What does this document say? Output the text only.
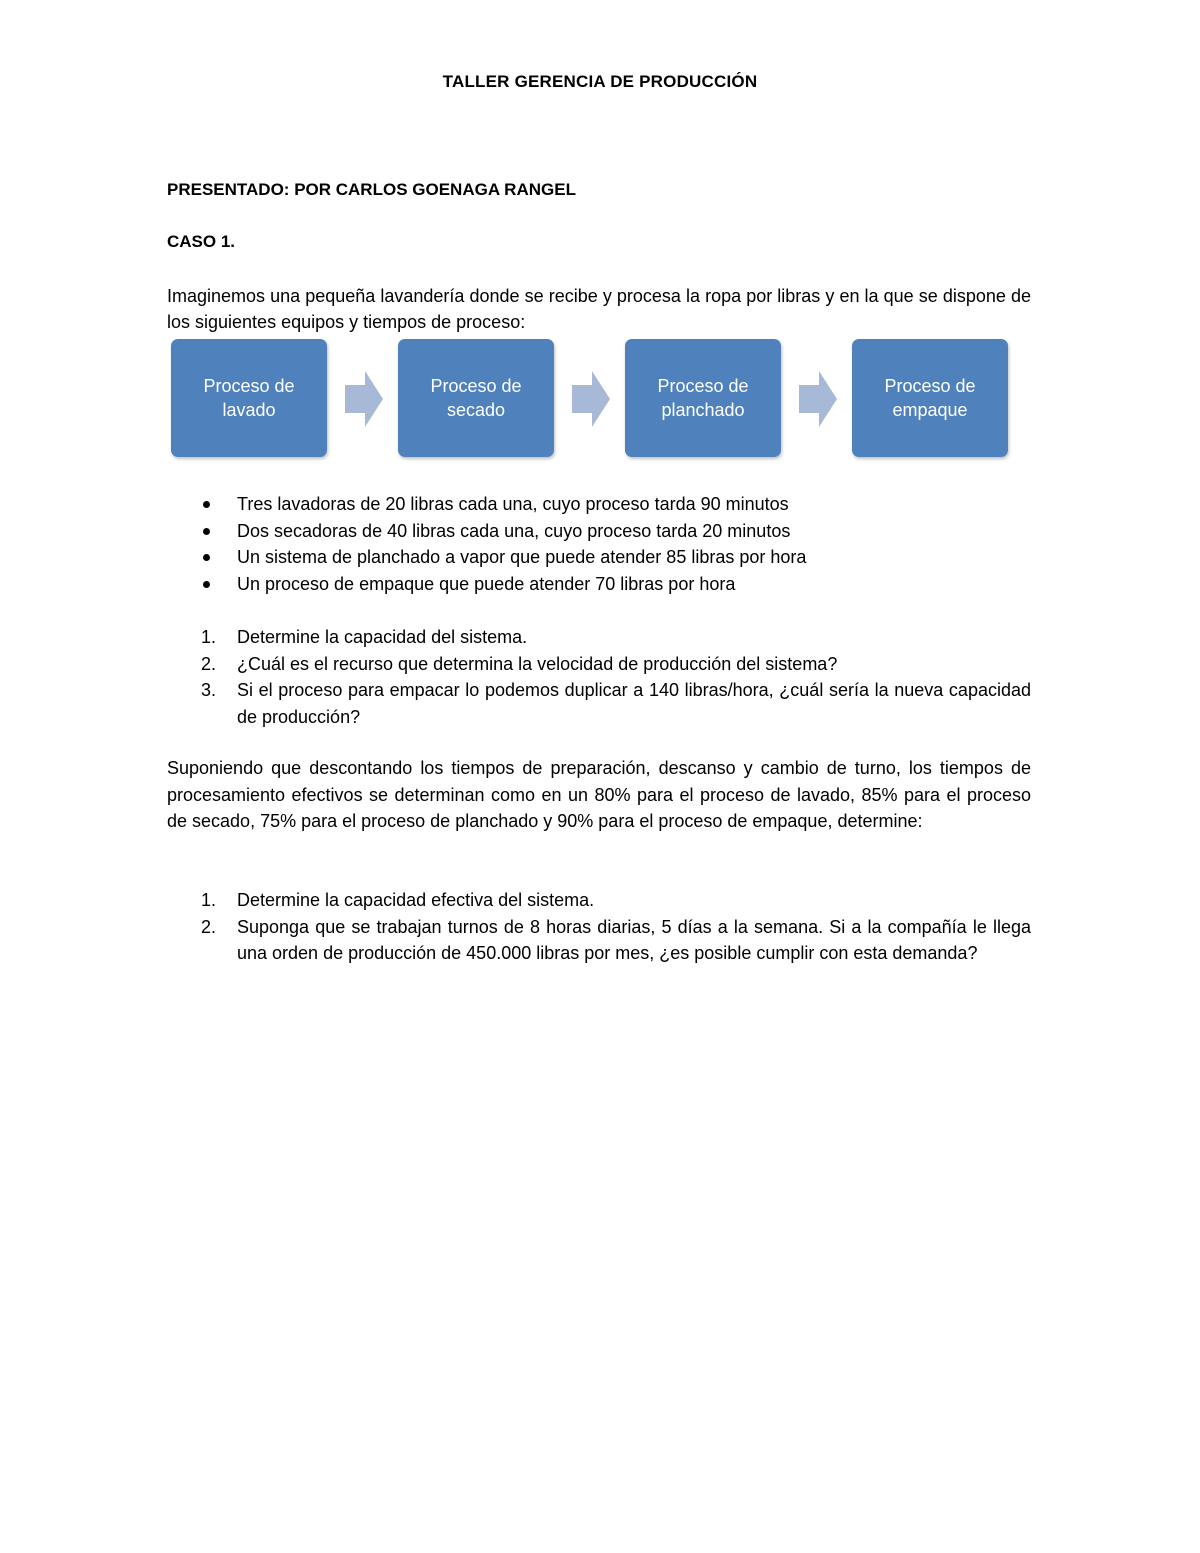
TALLER GERENCIA DE PRODUCCIÓN
PRESENTADO: POR CARLOS GOENAGA RANGEL
CASO 1.
Imaginemos una pequeña lavandería donde se recibe y procesa la ropa por libras y en la que se dispone de los siguientes equipos y tiempos de proceso:
Proceso de lavado
Proceso de secado
Proceso de planchado
Proceso de empaque
Tres lavadoras de 20 libras cada una, cuyo proceso tarda 90 minutos
Dos secadoras de 40 libras cada una, cuyo proceso tarda 20 minutos
Un sistema de planchado a vapor que puede atender 85 libras por hora
Un proceso de empaque que puede atender 70 libras por hora
1. Determine la capacidad del sistema.
2. ¿Cuál es el recurso que determina la velocidad de producción del sistema?
3. Si el proceso para empacar lo podemos duplicar a 140 libras/hora, ¿cuál sería la nueva capacidad de producción?
Suponiendo que descontando los tiempos de preparación, descanso y cambio de turno, los tiempos de procesamiento efectivos se determinan como en un 80% para el proceso de lavado, 85% para el proceso de secado, 75% para el proceso de planchado y 90% para el proceso de empaque, determine:
1. Determine la capacidad efectiva del sistema.
2. Suponga que se trabajan turnos de 8 horas diarias, 5 días a la semana. Si a la compañía le llega una orden de producción de 450.000 libras por mes, ¿es posible cumplir con esta demanda?
